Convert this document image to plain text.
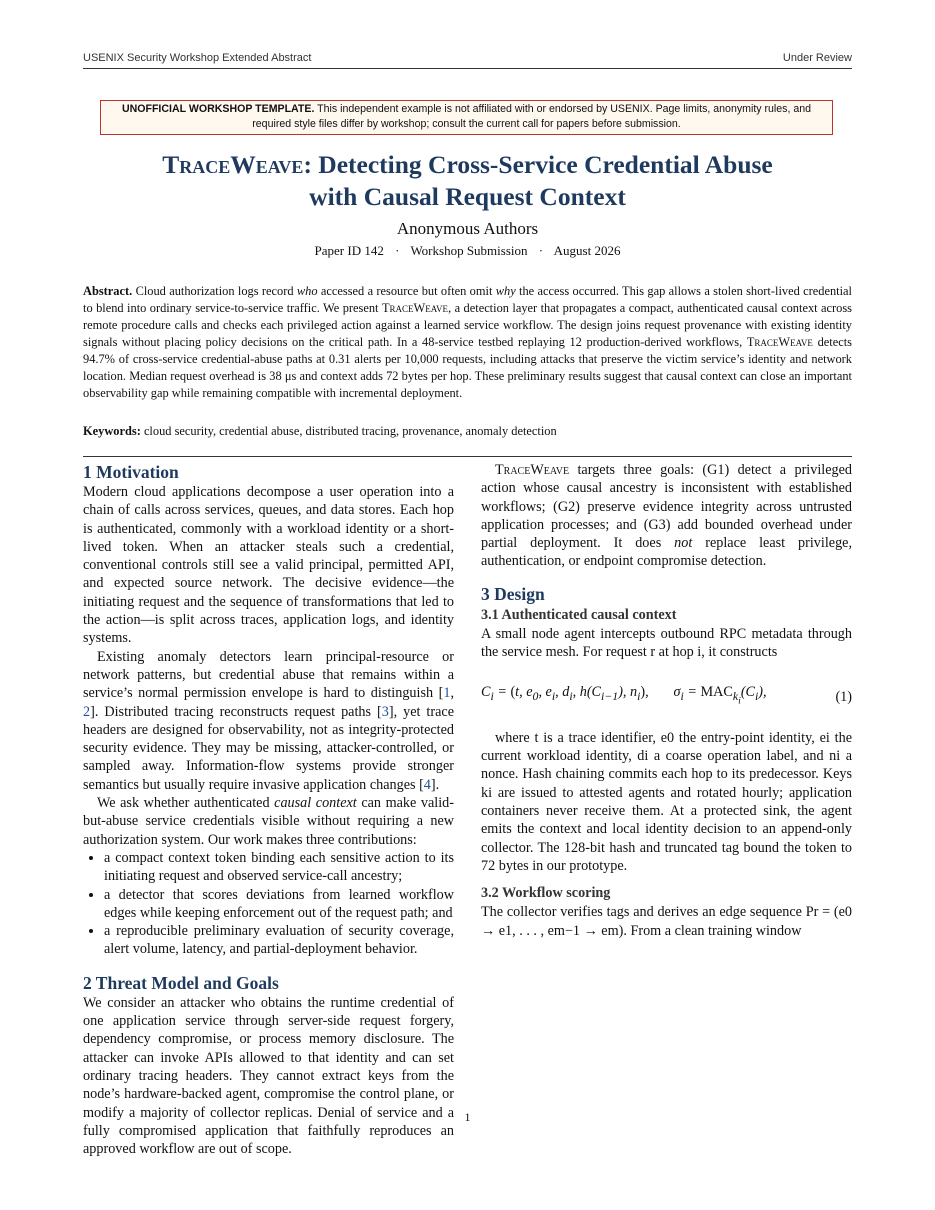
USENIX Security Workshop Extended Abstract	Under Review
UNOFFICIAL WORKSHOP TEMPLATE. This independent example is not affiliated with or endorsed by USENIX. Page limits, anonymity rules, and required style files differ by workshop; consult the current call for papers before submission.
TraceWeave: Detecting Cross-Service Credential Abuse
with Causal Request Context
Anonymous Authors
Paper ID 142 · Workshop Submission · August 2026
Abstract. Cloud authorization logs record who accessed a resource but often omit why the access occurred. This gap allows a stolen short-lived credential to blend into ordinary service-to-service traffic. We present TraceWeave, a detection layer that propagates a compact, authenticated causal context across remote procedure calls and checks each privileged action against a learned service workflow. The design joins request provenance with existing identity signals without placing policy decisions on the critical path. In a 48-service testbed replaying 12 production-derived workflows, TraceWeave detects 94.7% of cross-service credential-abuse paths at 0.31 alerts per 10,000 requests, including attacks that preserve the victim service’s identity and network location. Median request overhead is 38 μs and context adds 72 bytes per hop. These preliminary results suggest that causal context can close an important observability gap while remaining compatible with incremental deployment.
Keywords: cloud security, credential abuse, distributed tracing, provenance, anomaly detection
1 Motivation

Modern cloud applications decompose a user operation into a chain of calls across services, queues, and data stores. Each hop is authenticated, commonly with a workload identity or a short-lived token. When an attacker steals such a credential, conventional controls still see a valid principal, permitted API, and expected source network. The decisive evidence—the initiating request and the sequence of transformations that led to the action—is split across traces, application logs, and identity systems.

Existing anomaly detectors learn principal-resource or network patterns, but credential abuse that remains within a service’s normal permission envelope is hard to distinguish [1, 2]. Distributed tracing reconstructs request paths [3], yet trace headers are designed for observability, not as integrity-protected security evidence. They may be missing, attacker-controlled, or sampled away. Information-flow systems provide stronger semantics but usually require invasive application changes [4].

We ask whether authenticated causal context can make valid-but-abuse service credentials visible without requiring a new authorization system. Our work makes three contributions:

• a compact context token binding each sensitive action to its initiating request and observed service-call ancestry;
• a detector that scores deviations from learned workflow edges while keeping enforcement out of the request path; and
• a reproducible preliminary evaluation of security coverage, alert volume, latency, and partial-deployment behavior.
2 Threat Model and Goals

We consider an attacker who obtains the runtime credential of one application service through server-side request forgery, dependency compromise, or process memory disclosure. The attacker can invoke APIs allowed to that identity and can set ordinary tracing headers. They cannot extract keys from the node’s hardware-backed agent, compromise the control plane, or modify a majority of collector replicas. Denial of service and a fully compromised application that faithfully reproduces an approved workflow are out of scope.

TraceWeave targets three goals: (G1) detect a privileged action whose causal ancestry is inconsistent with established workflows; (G2) preserve evidence integrity across untrusted application processes; and (G3) add bounded overhead under partial deployment. It does not replace least privilege, authentication, or endpoint compromise detection.

3 Design
3.1 Authenticated causal context

A small node agent intercepts outbound RPC metadata through the service mesh. For request r at hop i, it constructs

$C_i = (t$, $e_0$, $e_i$, $d_i$, $h(C_{i-1})$, $n_i$),       $\sigma_i = MAC_{k_i}(C_i)$,	(1)

where t is a trace identifier, e0 the entry-point identity, ei the current workload identity, di a coarse operation label, and ni a nonce. Hash chaining commits each hop to its predecessor. Keys ki are issued to attested agents and rotated hourly; application containers never receive them. At a protected sink, the agent emits the context and local identity decision to an append-only collector. The 128-bit hash and truncated tag bound the token to 72 bytes in our prototype.

3.2 Workflow scoring

The collector verifies tags and derives an edge sequence Pr = (e0 → e1, . . . , em−1 → em). From a clean training window

1
